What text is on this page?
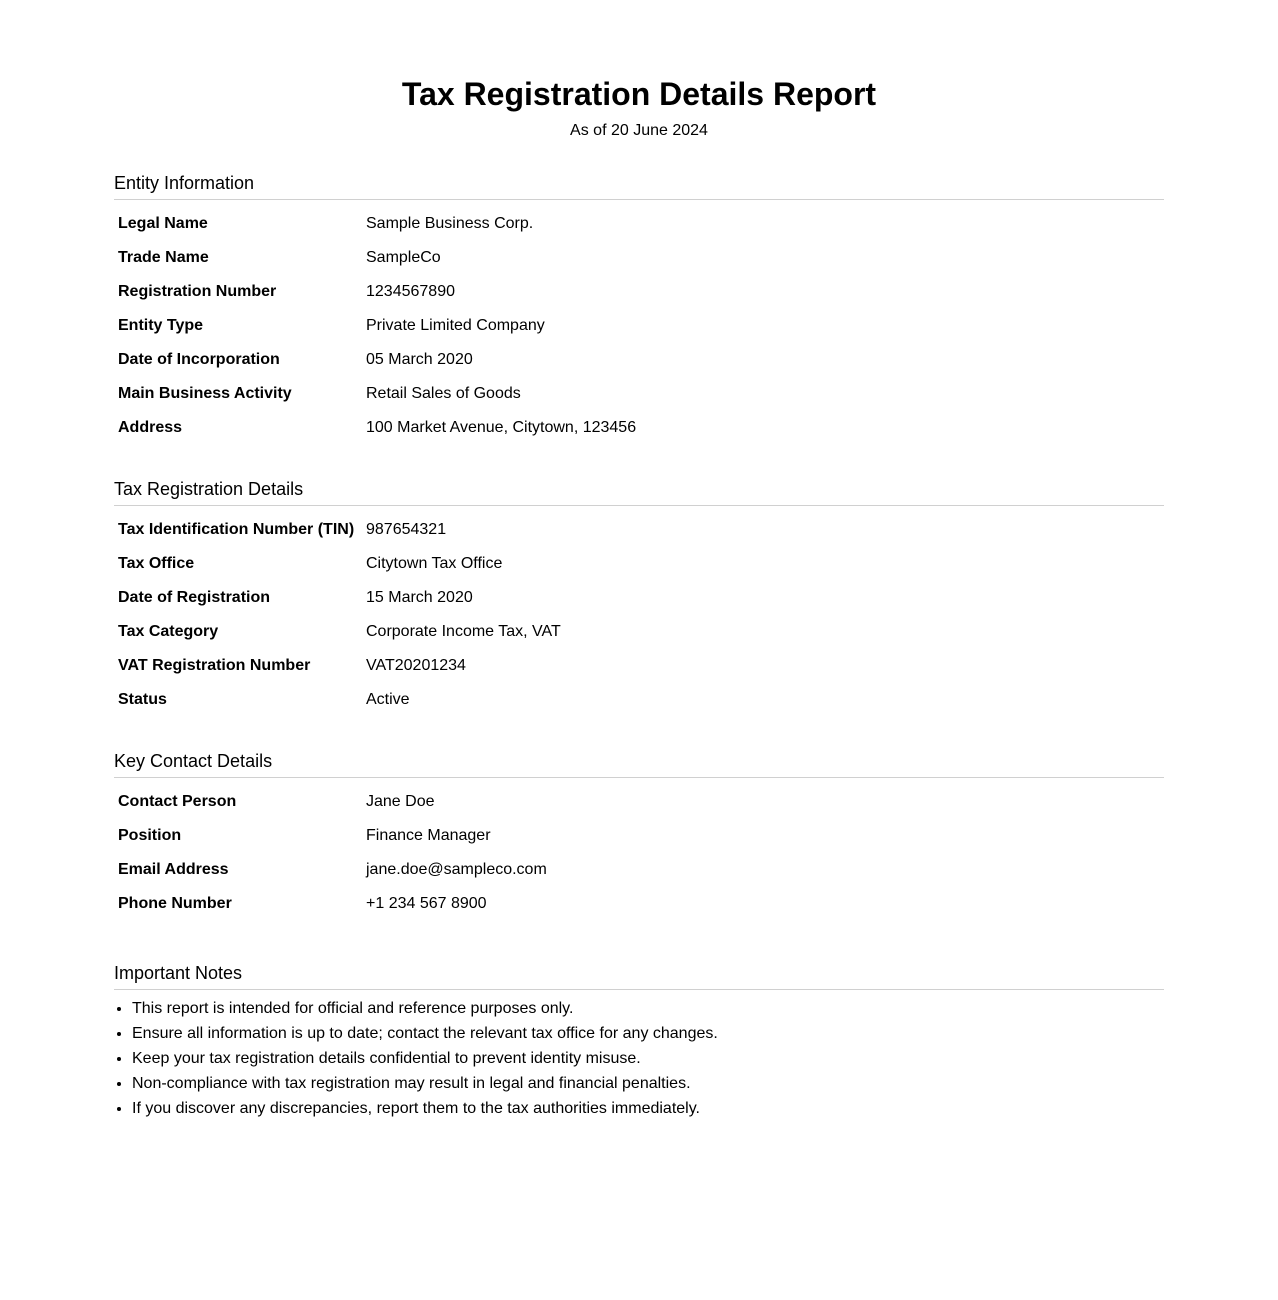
Tax Registration Details Report
As of 20 June 2024
Entity Information
Legal Name	Sample Business Corp.
Trade Name	SampleCo
Registration Number	1234567890
Entity Type	Private Limited Company
Date of Incorporation	05 March 2020
Main Business Activity	Retail Sales of Goods
Address	100 Market Avenue, Citytown, 123456
Tax Registration Details
Tax Identification Number (TIN)	987654321
Tax Office	Citytown Tax Office
Date of Registration	15 March 2020
Tax Category	Corporate Income Tax, VAT
VAT Registration Number	VAT20201234
Status	Active
Key Contact Details
Contact Person	Jane Doe
Position	Finance Manager
Email Address	jane.doe@sampleco.com
Phone Number	+1 234 567 8900
Important Notes
• This report is intended for official and reference purposes only.
• Ensure all information is up to date; contact the relevant tax office for any changes.
• Keep your tax registration details confidential to prevent identity misuse.
• Non-compliance with tax registration may result in legal and financial penalties.
• If you discover any discrepancies, report them to the tax authorities immediately.
